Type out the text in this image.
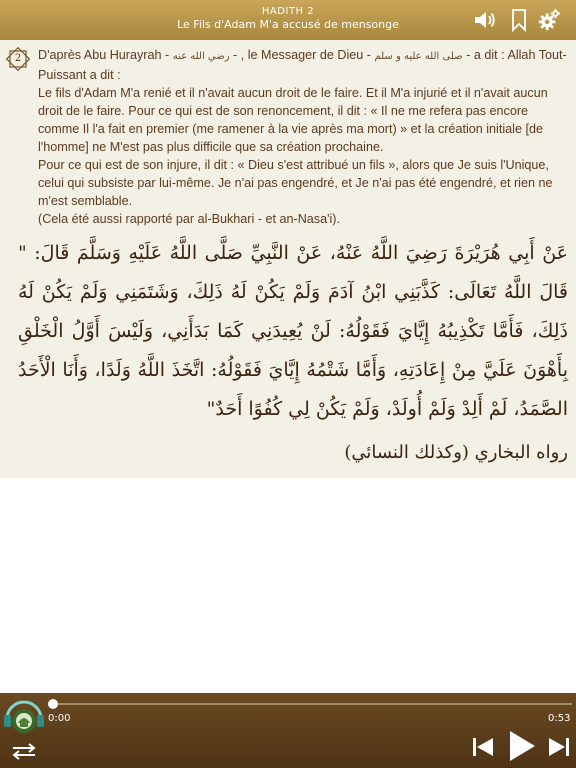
HADITH 2
Le Fils d'Adam M'a accusé de mensonge
2	D'après Abu Hurayrah - رضي الله عنه - , le Messager de Dieu - صلى الله عليه و سلم - a dit : Allah Tout-Puissant a dit :

Le fils d'Adam M'a renié et il n'avait aucun droit de le faire. Et il M'a injurié et il n'avait aucun droit de le faire. Pour ce qui est de son renoncement, il dit : « Il ne me refera pas encore comme Il l'a fait en premier (me ramener à la vie après ma mort) » et la création initiale [de l'homme] ne M'est pas plus difficile que sa création prochaine.

Pour ce qui est de son injure, il dit : « Dieu s'est attribué un fils », alors que Je suis l'Unique, celui qui subsiste par lui-même. Je n'ai pas engendré, et Je n'ai pas été engendré, et rien ne m'est semblable.

(Cela été aussi rapporté par al-Bukhari - et an-Nasa'i).

عَنْ أَبِي هُرَيْرَةَ رَضِيَ اللَّهُ عَنْهُ، عَنْ النَّبِيِّ صَلَّى اللَّهُ عَلَيْهِ وَسَلَّمَ قَالَ: " قَالَ اللَّهُ تَعَالَى: كَذَّبَنِي ابْنُ آدَمَ وَلَمْ يَكُنْ لَهُ ذَلِكَ، وَشَتَمَنِي وَلَمْ يَكُنْ لَهُ ذَلِكَ، فَأَمَّا تَكْذِيبُهُ إِيَّايَ فَقَوْلُهُ: لَنْ يُعِيدَنِي كَمَا بَدَأَنِي، وَلَيْسَ أَوَّلُ الْخَلْقِ بِأَهْوَنَ عَلَيَّ مِنْ إِعَادَتِهِ، وَأَمَّا شَتْمُهُ إِيَّايَ فَقَوْلُهُ: اتَّخَذَ اللَّهُ وَلَدًا، وَأَنَا الْأَحَدُ الصَّمَدُ، لَمْ أَلِدْ وَلَمْ أُولَدْ، وَلَمْ يَكُنْ لِي كُفُوًا أَحَدٌ"
رواه البخاري (وكذلك النسائي)
0:00	0:53
